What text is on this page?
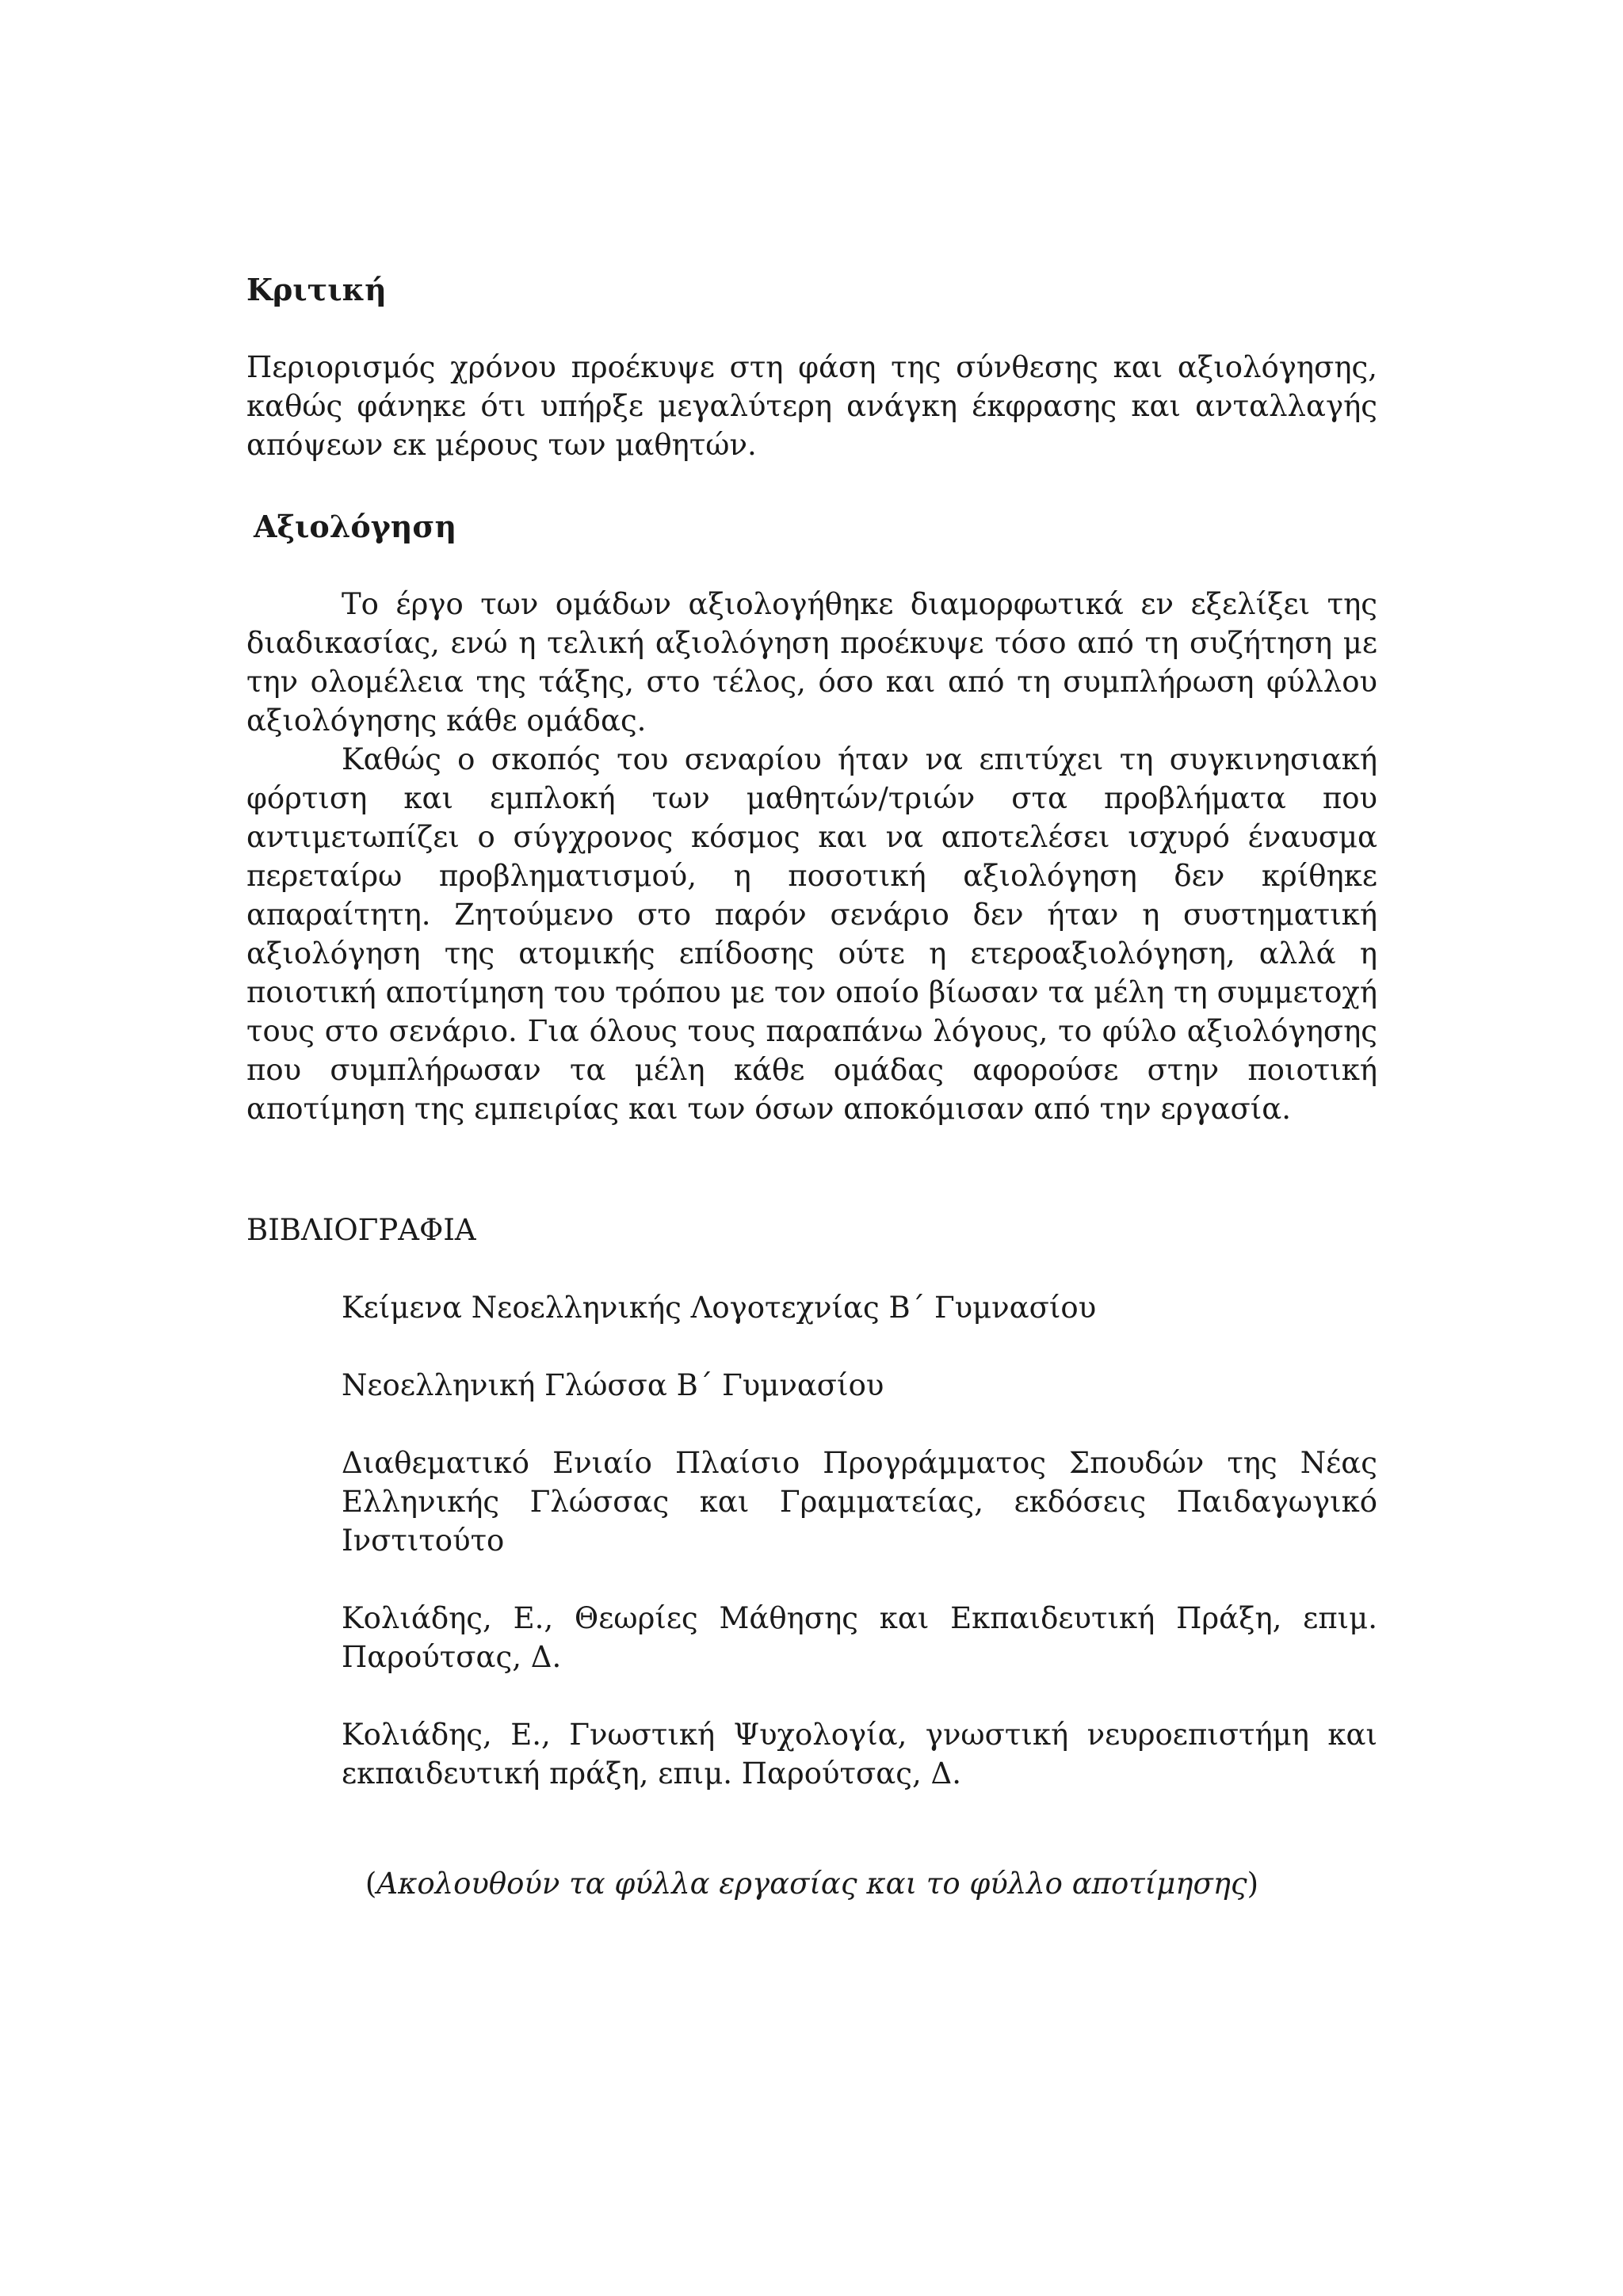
Κριτική

Περιορισμός χρόνου προέκυψε στη φάση της σύνθεσης και αξιολόγησης, καθώς φάνηκε ότι υπήρξε μεγαλύτερη ανάγκη έκφρασης και ανταλλαγής απόψεων εκ μέρους των μαθητών.

Αξιολόγηση

Το έργο των ομάδων αξιολογήθηκε διαμορφωτικά εν εξελίξει της διαδικασίας, ενώ η τελική αξιολόγηση προέκυψε τόσο από τη συζήτηση με την ολομέλεια της τάξης, στο τέλος, όσο και από τη συμπλήρωση φύλλου αξιολόγησης κάθε ομάδας.

Καθώς ο σκοπός του σεναρίου ήταν να επιτύχει τη συγκινησιακή φόρτιση και εμπλοκή των μαθητών/τριών στα προβλήματα που αντιμετωπίζει ο σύγχρονος κόσμος και να αποτελέσει ισχυρό έναυσμα περεταίρω προβληματισμού, η ποσοτική αξιολόγηση δεν κρίθηκε απαραίτητη. Ζητούμενο στο παρόν σενάριο δεν ήταν η συστηματική αξιολόγηση της ατομικής επίδοσης ούτε η ετεροαξιολόγηση, αλλά η ποιοτική αποτίμηση του τρόπου με τον οποίο βίωσαν τα μέλη τη συμμετοχή τους στο σενάριο. Για όλους τους παραπάνω λόγους, το φύλο αξιολόγησης που συμπλήρωσαν τα μέλη κάθε ομάδας αφορούσε στην ποιοτική αποτίμηση της εμπειρίας και των όσων αποκόμισαν από την εργασία.

ΒΙΒΛΙΟΓΡΑΦΙΑ

Κείμενα Νεοελληνικής Λογοτεχνίας Β΄ Γυμνασίου
Νεοελληνική Γλώσσα Β΄ Γυμνασίου
Διαθεματικό Ενιαίο Πλαίσιο Προγράμματος Σπουδών της Νέας Ελληνικής Γλώσσας και Γραμματείας, εκδόσεις Παιδαγωγικό Ινστιτούτο
Κολιάδης, Ε., Θεωρίες Μάθησης και Εκπαιδευτική Πράξη, επιμ. Παρούτσας, Δ.
Κολιάδης, Ε., Γνωστική Ψυχολογία, γνωστική νευροεπιστήμη και εκπαιδευτική πράξη, επιμ. Παρούτσας, Δ.

(Ακολουθούν τα φύλλα εργασίας και το φύλλο αποτίμησης)
